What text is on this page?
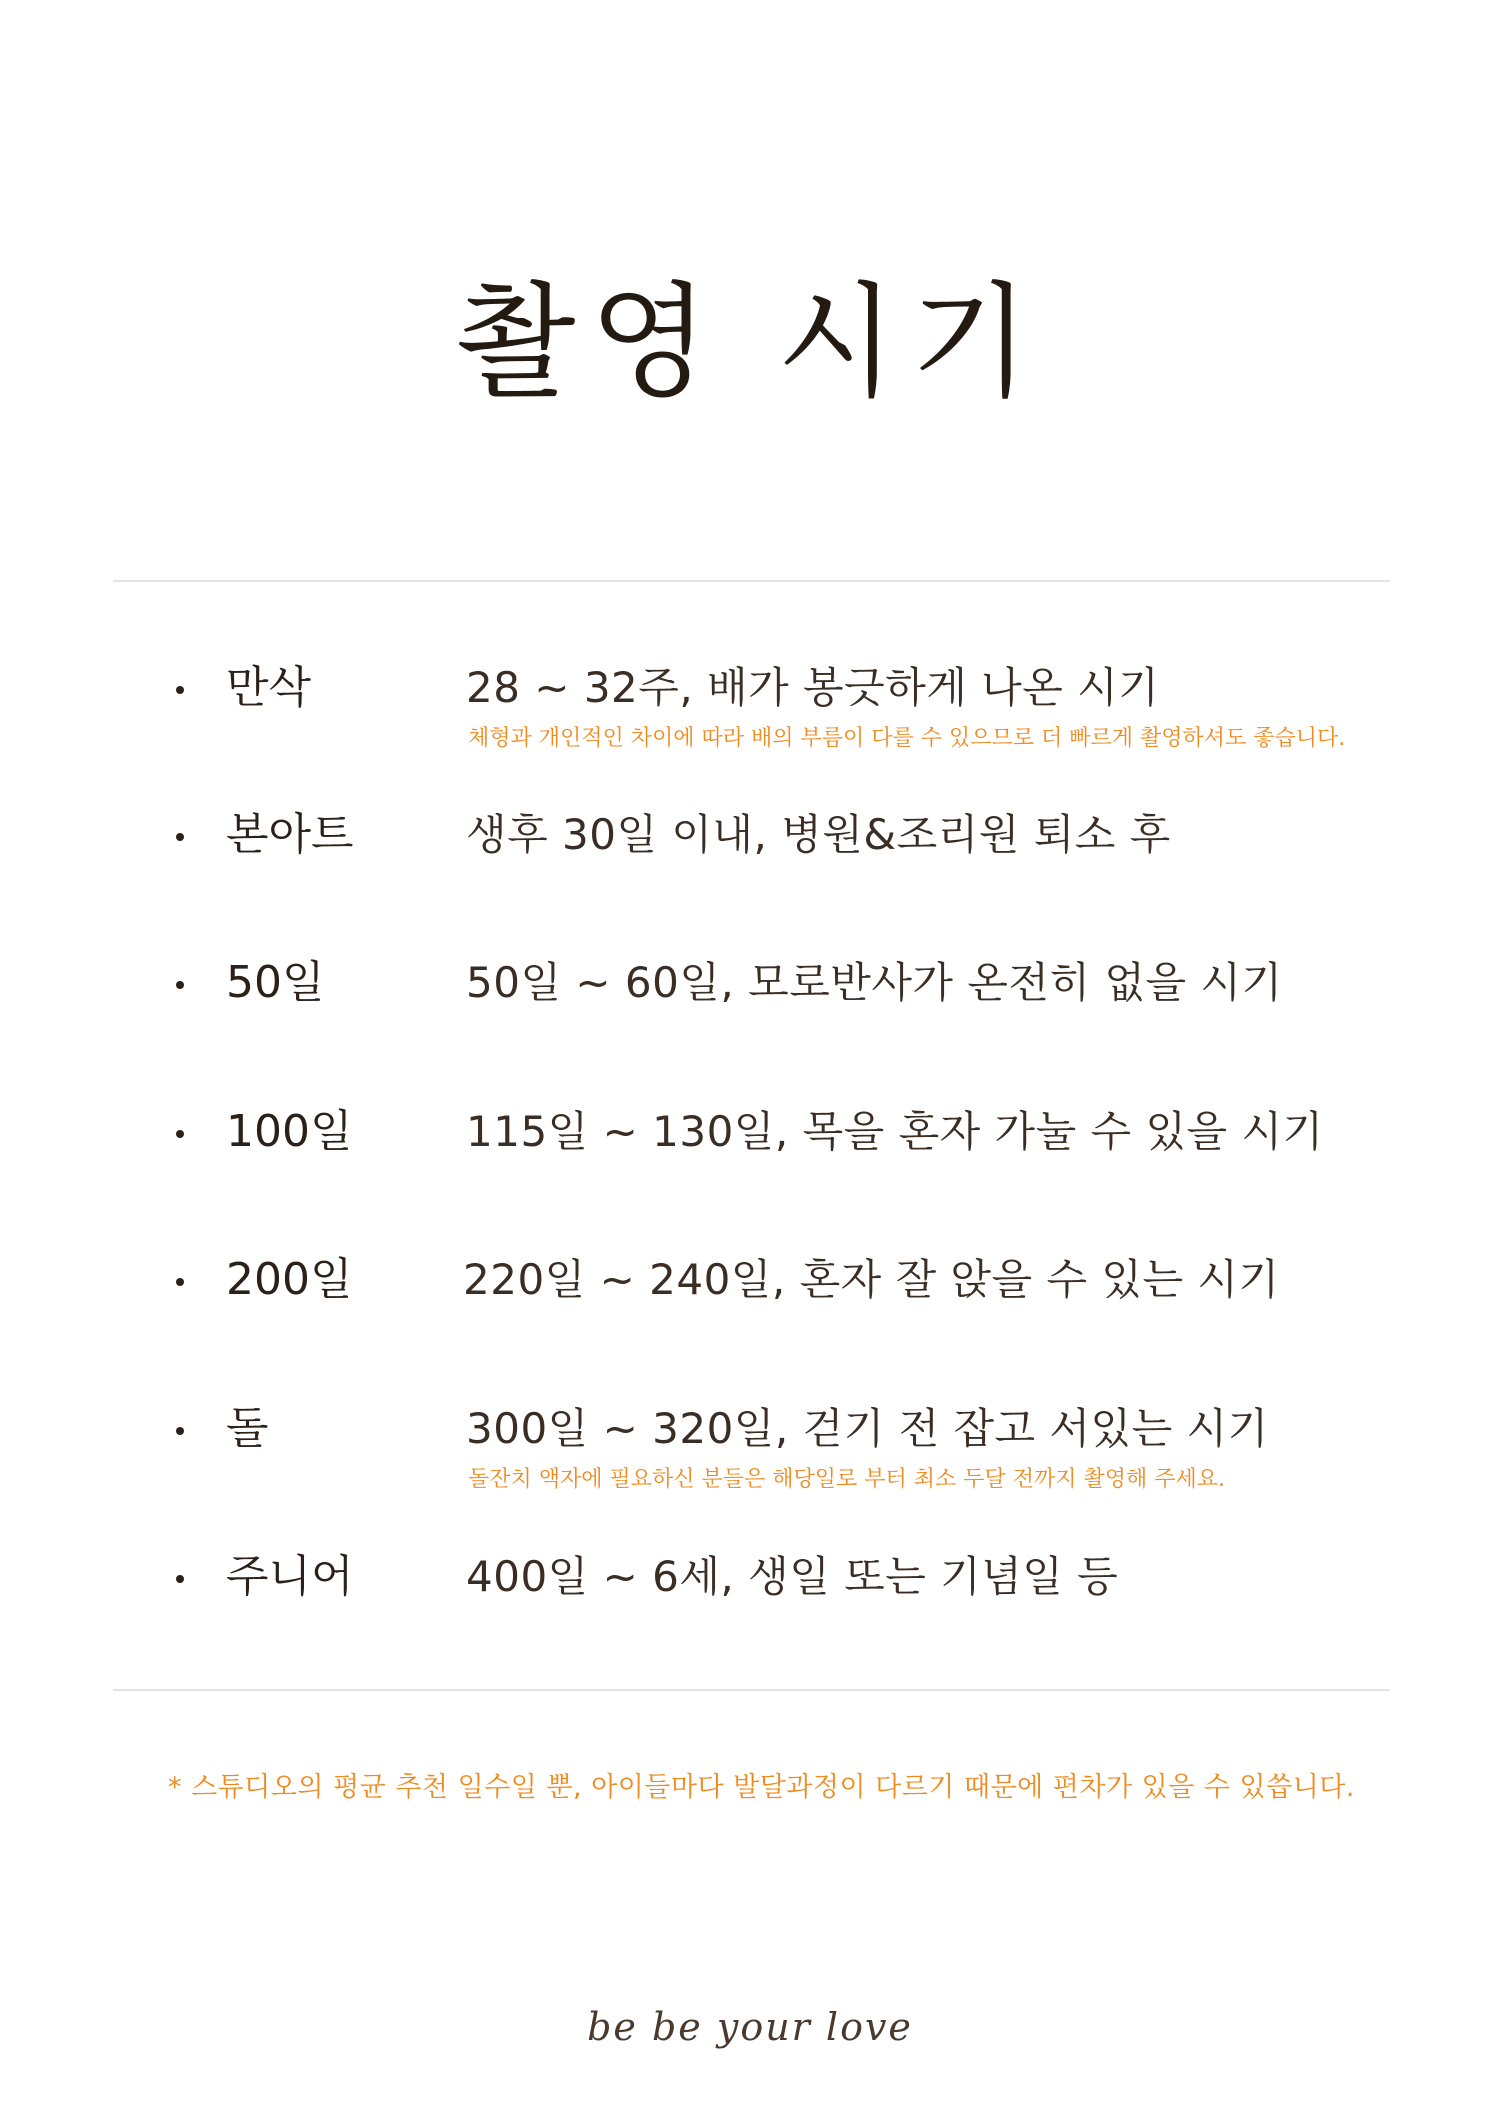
촬영 시기
만삭	28 ~ 32주, 배가 봉긋하게 나온 시기
체형과 개인적인 차이에 따라 배의 부름이 다를 수 있으므로 더 빠르게 촬영하셔도 좋습니다.
본아트	생후 30일 이내, 병원&조리원 퇴소 후
50일	50일 ~ 60일, 모로반사가 온전히 없을 시기
100일	115일 ~ 130일, 목을 혼자 가눌 수 있을 시기
200일	220일 ~ 240일, 혼자 잘 앉을 수 있는 시기
돌	300일 ~ 320일, 걷기 전 잡고 서있는 시기
돌잔치 액자에 필요하신 분들은 해당일로 부터 최소 두달 전까지 촬영해 주세요.
주니어	400일 ~ 6세, 생일 또는 기념일 등
* 스튜디오의 평균 추천 일수일 뿐, 아이들마다 발달과정이 다르기 때문에 편차가 있을 수 있씁니다.
be be your love
